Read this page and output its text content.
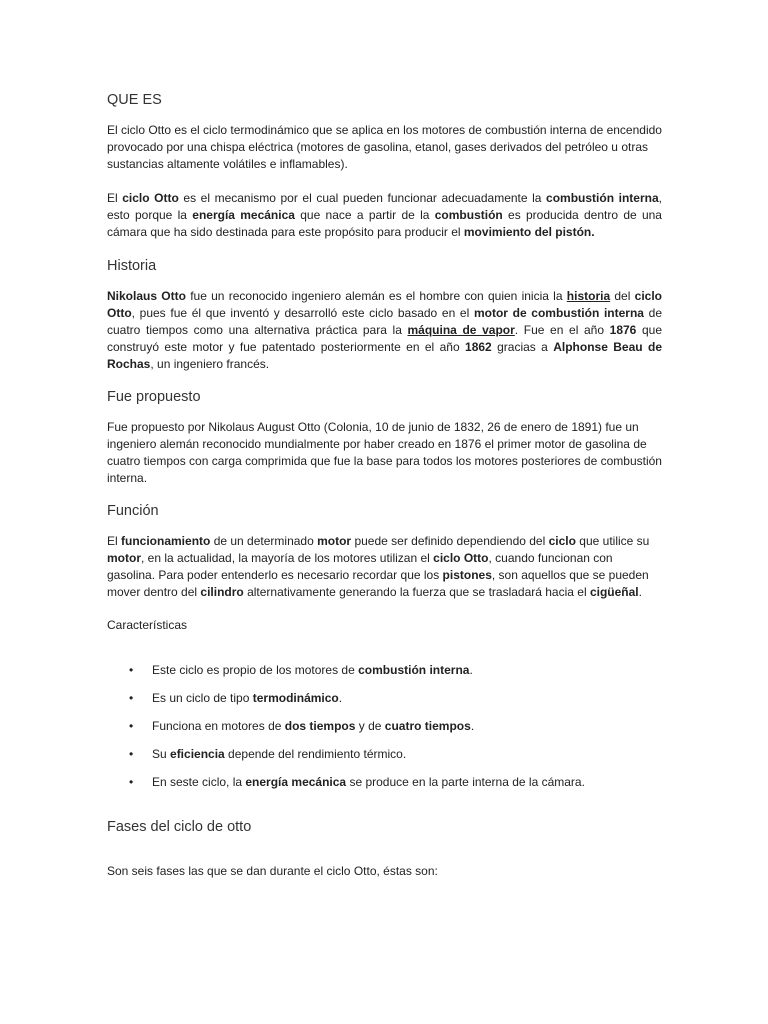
QUE ES

El ciclo Otto es el ciclo termodinámico que se aplica en los motores de combustión interna de encendido provocado por una chispa eléctrica (motores de gasolina, etanol, gases derivados del petróleo u otras sustancias altamente volátiles e inflamables).

El ciclo Otto es el mecanismo por el cual pueden funcionar adecuadamente la combustión interna, esto porque la energía mecánica que nace a partir de la combustión es producida dentro de una cámara que ha sido destinada para este propósito para producir el movimiento del pistón.

Historia

Nikolaus Otto fue un reconocido ingeniero alemán es el hombre con quien inicia la historia del ciclo Otto, pues fue él que inventó y desarrolló este ciclo basado en el motor de combustión interna de cuatro tiempos como una alternativa práctica para la máquina de vapor. Fue en el año 1876 que construyó este motor y fue patentado posteriormente en el año 1862 gracias a Alphonse Beau de Rochas, un ingeniero francés.

Fue propuesto

Fue propuesto por Nikolaus August Otto (Colonia, 10 de junio de 1832, 26 de enero de 1891) fue un ingeniero alemán reconocido mundialmente por haber creado en 1876 el primer motor de gasolina de cuatro tiempos con carga comprimida que fue la base para todos los motores posteriores de combustión interna.

Función

El funcionamiento de un determinado motor puede ser definido dependiendo del ciclo que utilice su motor, en la actualidad, la mayoría de los motores utilizan el ciclo Otto, cuando funcionan con gasolina. Para poder entenderlo es necesario recordar que los pistones, son aquellos que se pueden mover dentro del cilindro alternativamente generando la fuerza que se trasladará hacia el cigüeñal.

Características

• Este ciclo es propio de los motores de combustión interna.
• Es un ciclo de tipo termodinámico.
• Funciona en motores de dos tiempos y de cuatro tiempos.
• Su eficiencia depende del rendimiento térmico.
• En seste ciclo, la energía mecánica se produce en la parte interna de la cámara.
Fases del ciclo de otto

Son seis fases las que se dan durante el ciclo Otto, éstas son:
